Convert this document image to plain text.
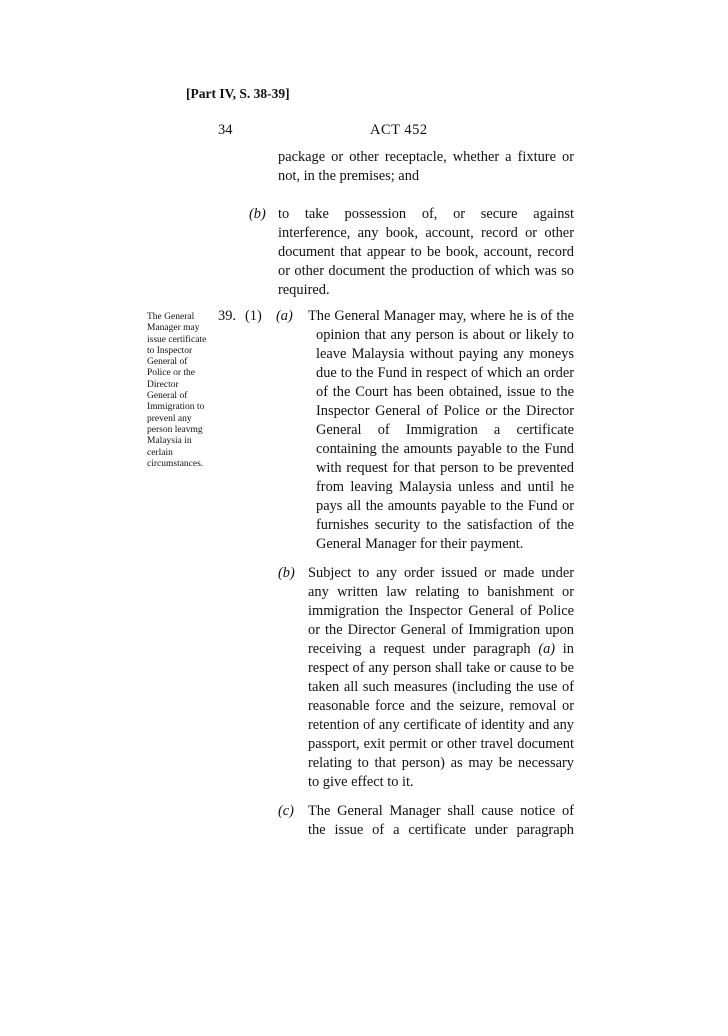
[Part IV, S. 38-39]
34	ACT 452
package or other receptacle, whether a fixture or not, in the premises; and
(b) to take possession of, or secure against interference, any book, account, record or other document that appear to be book, account, record or other document the production of which was so required.
The General Manager may issue certificate to Inspector General of Police or the Director General of Immigration to prevenl any person leavmg Malaysia in cerlain circumstances.
39. (1) (a) The General Manager may, where he is of the opinion that any person is about or likely to leave Malaysia without paying any moneys due to the Fund in respect of which an order of the Court has been obtained, issue to the Inspector General of Police or the Director General of Immigration a certificate containing the amounts payable to the Fund with request for that person to be prevented from leaving Malaysia unless and until he pays all the amounts payable to the Fund or furnishes security to the satisfaction of the General Manager for their payment.
(b) Subject to any order issued or made under any written law relating to banishment or immigration the Inspector General of Police or the Director General of Immigration upon receiving a request under paragraph (a) in respect of any person shall take or cause to be taken all such measures (including the use of reasonable force and the seizure, removal or retention of any certificate of identity and any passport, exit permit or other travel document relating to that person) as may be necessary to give effect to it.
(c) The General Manager shall cause notice of the issue of a certificate under paragraph
